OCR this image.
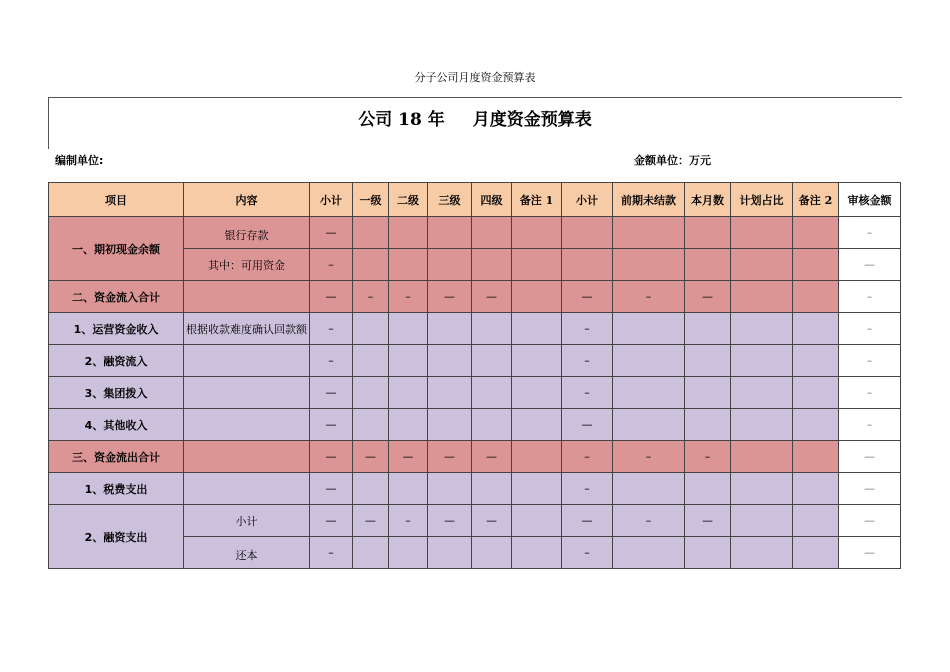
分子公司月度资金预算表
公司 18 年 月度资金预算表
编制单位:	金额单位：万元
项目	内容	小计	一级	二级	三级	四级	备注 1	小计	前期未结款	本月数	计划占比	备注 2	审核金额
一、期初现金余额	银行存款	—											–
	其中：可用资金	–											—
二、资金流入合计		—	–	–	—	—		—	–	—			–
1、运营资金收入	根据收款难度确认回款额	–						–					–
2、融资流入		–						–					–
3、集团拨入		—						–					–
4、其他收入		—						—					–
三、资金流出合计		—	—	—	—	—		–	–	–			—
1、税费支出		—						–					—
2、融资支出	小计	—	—	–	—	—		—	–	—			—
	还本	–						–					—
